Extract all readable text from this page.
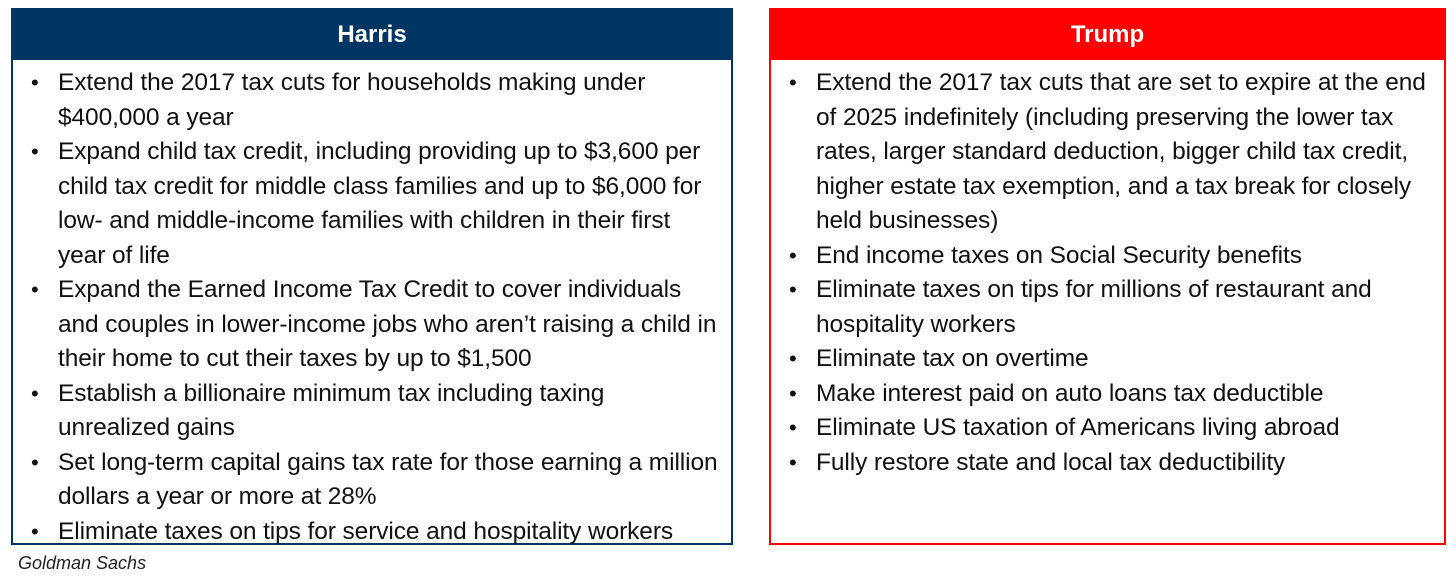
Harris
• Extend the 2017 tax cuts for households making under $400,000 a year
• Expand child tax credit, including providing up to $3,600 per child tax credit for middle class families and up to $6,000 for low- and middle-income families with children in their first year of life
• Expand the Earned Income Tax Credit to cover individuals and couples in lower-income jobs who aren’t raising a child in their home to cut their taxes by up to $1,500
• Establish a billionaire minimum tax including taxing unrealized gains
• Set long-term capital gains tax rate for those earning a million dollars a year or more at 28%
• Eliminate taxes on tips for service and hospitality workers
Trump
• Extend the 2017 tax cuts that are set to expire at the end of 2025 indefinitely (including preserving the lower tax rates, larger standard deduction, bigger child tax credit, higher estate tax exemption, and a tax break for closely held businesses)
• End income taxes on Social Security benefits
• Eliminate taxes on tips for millions of restaurant and hospitality workers
• Eliminate tax on overtime
• Make interest paid on auto loans tax deductible
• Eliminate US taxation of Americans living abroad
• Fully restore state and local tax deductibility
Goldman Sachs
